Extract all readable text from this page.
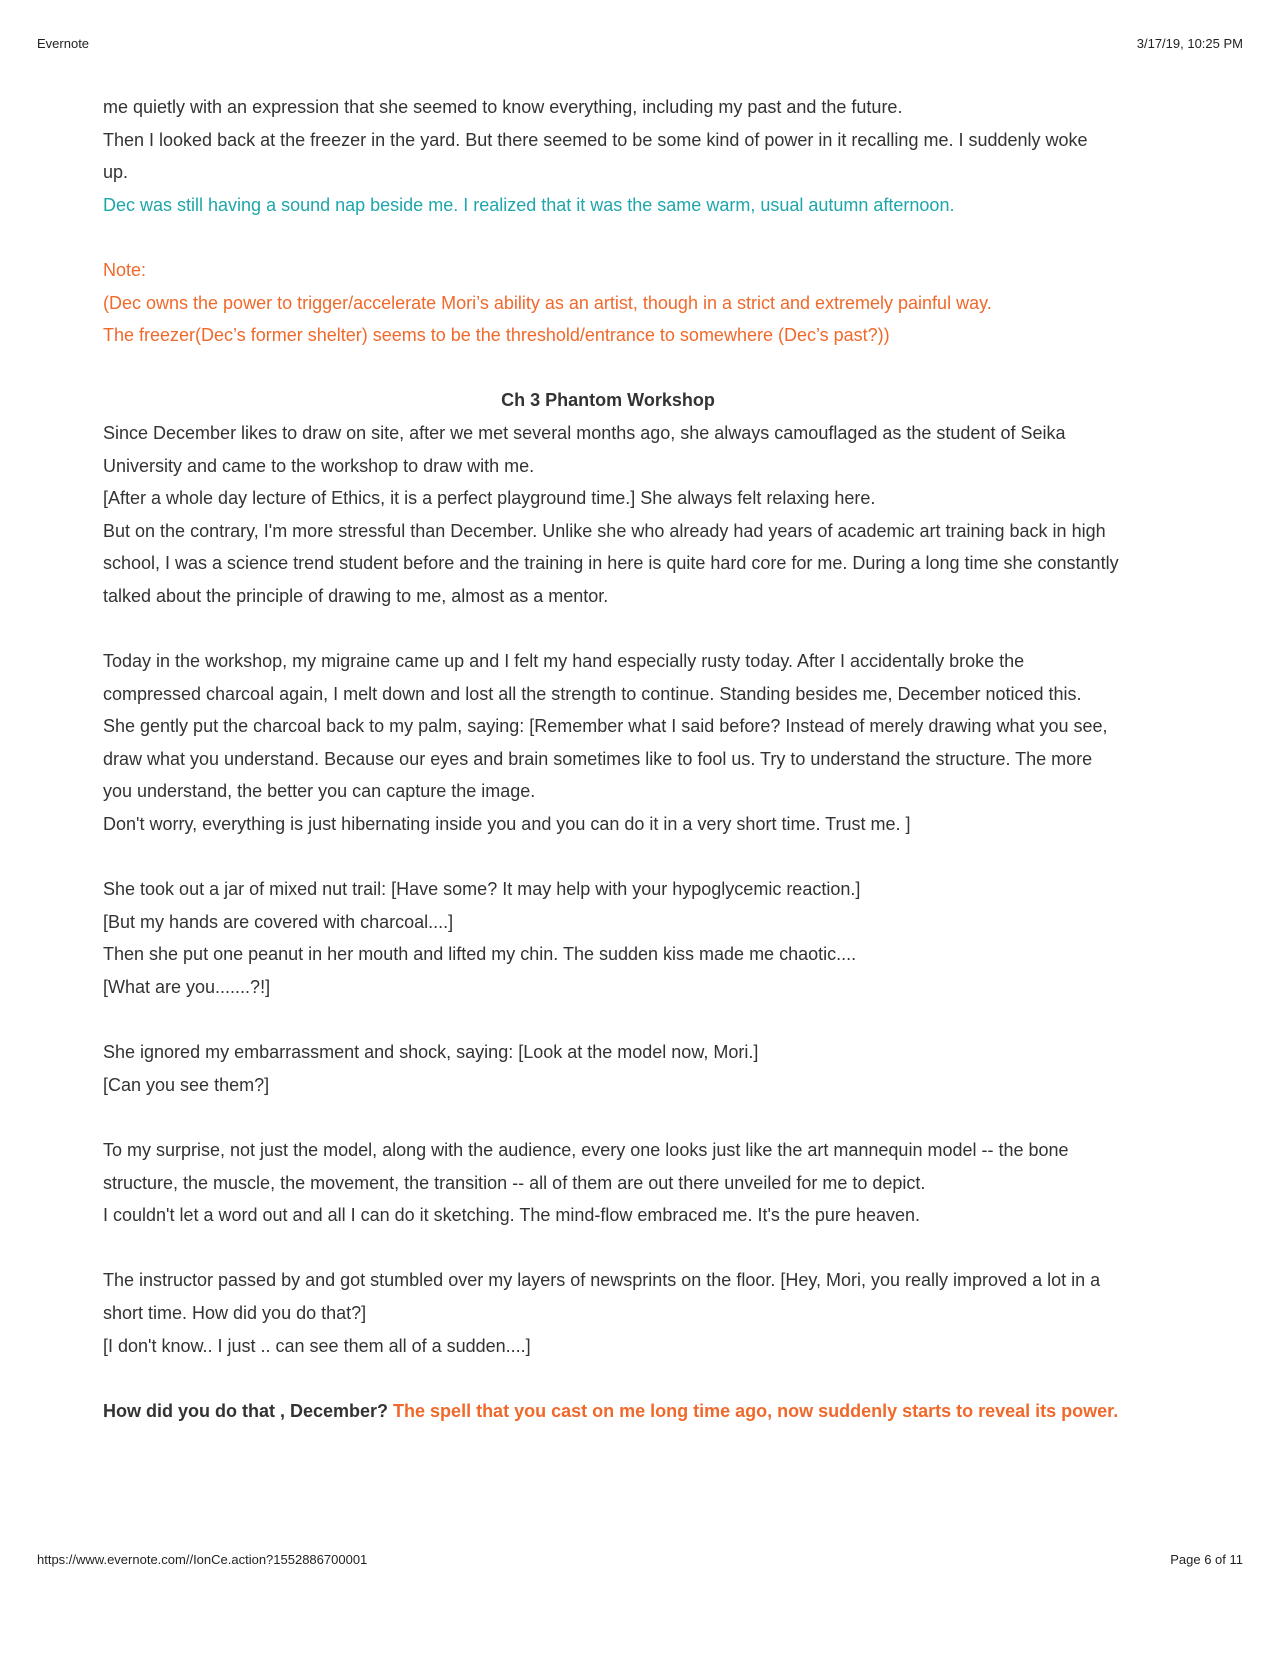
Evernote	3/17/19, 10:25 PM

me quietly with an expression that she seemed to know everything, including my past and the future.

Then I looked back at the freezer in the yard. But there seemed to be some kind of power in it recalling me. I suddenly woke up.

Dec was still having a sound nap beside me. I realized that it was the same warm, usual autumn afternoon.

Note:

(Dec owns the power to trigger/accelerate Mori’s ability as an artist, though in a strict and extremely painful way.

The freezer(Dec’s former shelter) seems to be the threshold/entrance to somewhere (Dec’s past?))

Ch 3 Phantom Workshop

Since December likes to draw on site, after we met several months ago, she always camouflaged as the student of Seika University and came to the workshop to draw with me.

[After a whole day lecture of Ethics, it is a perfect playground time.] She always felt relaxing here.

But on the contrary, I'm more stressful than December. Unlike she who already had years of academic art training back in high school, I was a science trend student before and the training in here is quite hard core for me. During a long time she constantly talked about the principle of drawing to me, almost as a mentor.

Today in the workshop, my migraine came up and I felt my hand especially rusty today. After I accidentally broke the compressed charcoal again, I melt down and lost all the strength to continue. Standing besides me, December noticed this. She gently put the charcoal back to my palm, saying: [Remember what I said before? Instead of merely drawing what you see, draw what you understand. Because our eyes and brain sometimes like to fool us. Try to understand the structure. The more you understand, the better you can capture the image.

Don't worry, everything is just hibernating inside you and you can do it in a very short time. Trust me. ]

She took out a jar of mixed nut trail: [Have some? It may help with your hypoglycemic reaction.]

[But my hands are covered with charcoal....]

Then she put one peanut in her mouth and lifted my chin. The sudden kiss made me chaotic....

[What are you.......?!]

She ignored my embarrassment and shock, saying: [Look at the model now, Mori.]

[Can you see them?]

To my surprise, not just the model, along with the audience, every one looks just like the art mannequin model -- the bone structure, the muscle, the movement, the transition -- all of them are out there unveiled for me to depict.

I couldn't let a word out and all I can do it sketching. The mind-flow embraced me. It's the pure heaven.

The instructor passed by and got stumbled over my layers of newsprints on the floor. [Hey, Mori, you really improved a lot in a short time. How did you do that?]

[I don't know.. I just .. can see them all of a sudden....]

How did you do that , December? The spell that you cast on me long time ago, now suddenly starts to reveal its power.

https://www.evernote.com//IonCe.action?1552886700001	Page 6 of 11
